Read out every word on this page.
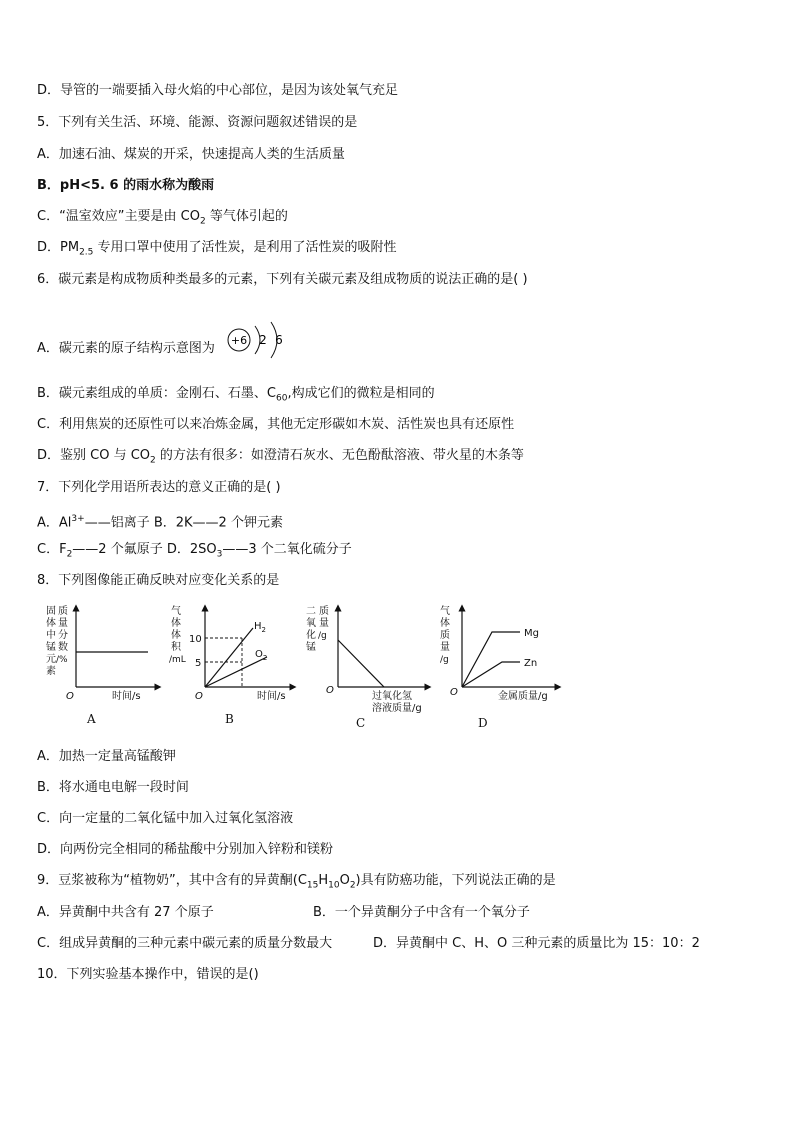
D．导管的一端要插入母火焰的中心部位，是因为该处氧气充足
5．下列有关生活、环境、能源、资源问题叙述错误的是
A．加速石油、煤炭的开采，快速提高人类的生活质量
B．pH<5. 6 的雨水称为酸雨
C．“温室效应”主要是由 $CO_2$ 等气体引起的
D．$PM_{2.5}$ 专用口罩中使用了活性炭，是利用了活性炭的吸附性
6．碳元素是构成物质种类最多的元素，下列有关碳元素及组成物质的说法正确的是( )
A．碳元素的原子结构示意图为
+6 2 6
B．碳元素组成的单质：金刚石、石墨、$C_{60}$,构成它们的微粒是相同的
C．利用焦炭的还原性可以来冶炼金属，其他无定形碳如木炭、活性炭也具有还原性
D．鉴别 CO 与 $CO_2$ 的方法有很多：如澄清石灰水、无色酚酞溶液、带火星的木条等
7．下列化学用语所表达的意义正确的是( )
A．$Al^{3+}——$铝离子 B．2K——2 个钾元素
C．$F_2——2$ 个氟原子 D．$2SO_3——3$ 个二氧化硫分子
8．下列图像能正确反映对应变化关系的是
固
体
中
锰
元
素
质
量
分
数
/%
O	时间/s
A
气
体
体
积
/mL
10
5
$H_2$
$O_2$
O	时间/s
B
二
氧
化
锰
质
量
/g
O
过氧化氢
溶液质量/g
C
气
体
质
量
/g
Mg
Zn
O	金属质量/g
D
A．加热一定量高锰酸钾
B．将水通电电解一段时间
C．向一定量的二氧化锰中加入过氧化氢溶液
D．向两份完全相同的稀盐酸中分别加入锌粉和镁粉
9．豆浆被称为“植物奶”，其中含有的异黄酮$(C_{15}H_{10}O_2)$具有防癌功能，下列说法正确的是
A．异黄酮中共含有 27 个原子	B．一个异黄酮分子中含有一个氧分子
C．组成异黄酮的三种元素中碳元素的质量分数最大	D．异黄酮中 C、H、O 三种元素的质量比为 15：10：2
10．下列实验基本操作中，错误的是()
